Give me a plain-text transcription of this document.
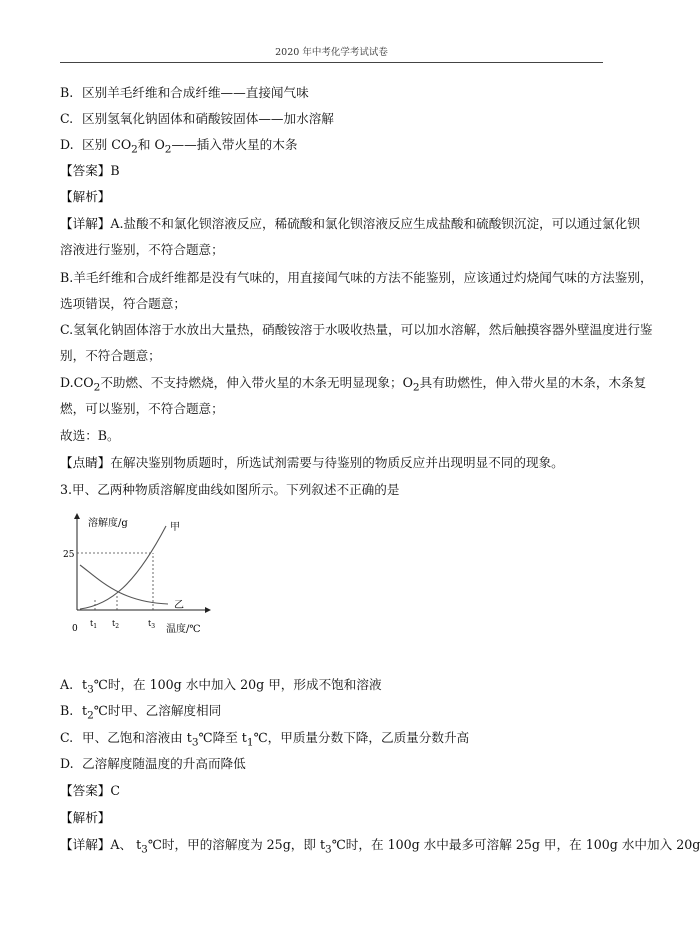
2020 年中考化学考试试卷
B. 区别羊毛纤维和合成纤维——直接闻气味
C. 区别氢氧化钠固体和硝酸铵固体——加水溶解
D. 区别 $CO_2$和 $O_2——$插入带火星的木条
【答案】B
【解析】
【详解】A.盐酸不和氯化钡溶液反应，稀硫酸和氯化钡溶液反应生成盐酸和硫酸钡沉淀，可以通过氯化钡
溶液进行鉴别，不符合题意；
B.羊毛纤维和合成纤维都是没有气味的，用直接闻气味的方法不能鉴别，应该通过灼烧闻气味的方法鉴别，
选项错误，符合题意；
C.氢氧化钠固体溶于水放出大量热，硝酸铵溶于水吸收热量，可以加水溶解，然后触摸容器外壁温度进行鉴
别，不符合题意；
$D.CO_2$不助燃、不支持燃烧，伸入带火星的木条无明显现象；$O_2$具有助燃性，伸入带火星的木条，木条复
燃，可以鉴别，不符合题意；
故选：B。
【点睛】在解决鉴别物质题时，所选试剂需要与待鉴别的物质反应并出现明显不同的现象。
3.甲、乙两种物质溶解度曲线如图所示。下列叙述不正确的是
溶解度/g
温度/℃
0
25
甲
乙
$t_1$ $t_2$	$t_3$
A. $t_3℃$时，在 100g 水中加入 20g 甲，形成不饱和溶液
B. $t_2℃$时甲、乙溶解度相同
C. 甲、乙饱和溶液由 $t_3℃$降至 $t_1℃$，甲质量分数下降，乙质量分数升高
D. 乙溶解度随温度的升高而降低
【答案】C
【解析】
【详解】A、 $t_3℃$时，甲的溶解度为 25g，即 $t_3℃$时，在 100g 水中最多可溶解 25g 甲，在 100g 水中加入 20g
